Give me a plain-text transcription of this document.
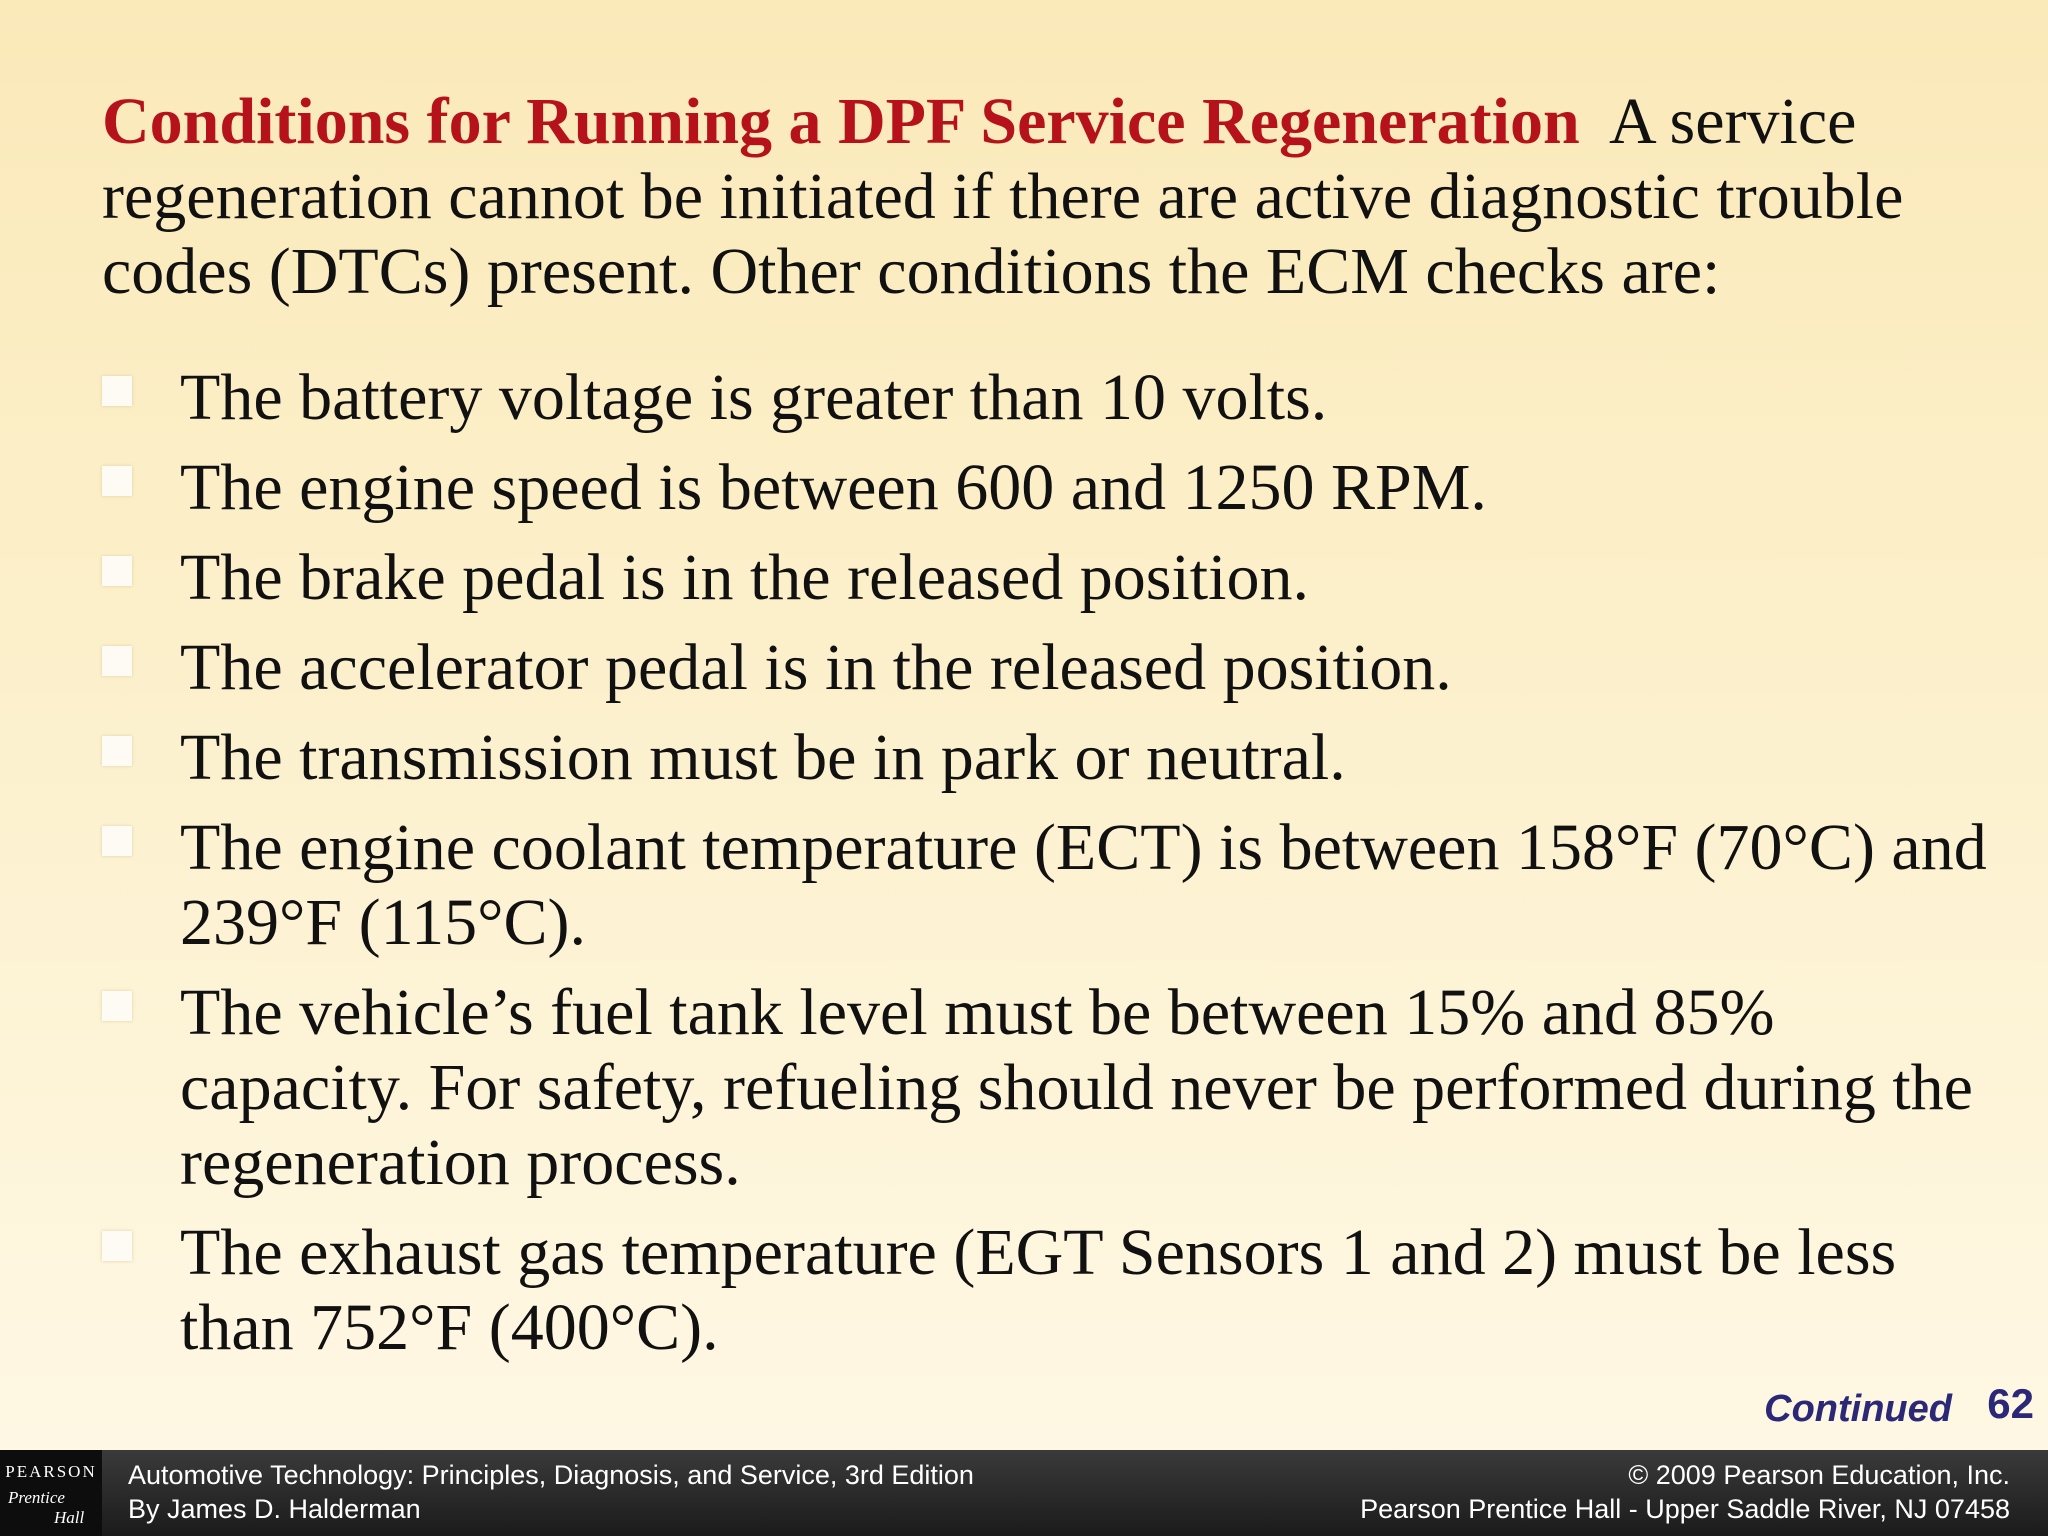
Conditions for Running a DPF Service Regeneration A service regeneration cannot be initiated if there are active diagnostic trouble codes (DTCs) present. Other conditions the ECM checks are:
The battery voltage is greater than 10 volts.
The engine speed is between 600 and 1250 RPM.
The brake pedal is in the released position.
The accelerator pedal is in the released position.
The transmission must be in park or neutral.
The engine coolant temperature (ECT) is between 158°F (70°C) and 239°F (115°C).
The vehicle’s fuel tank level must be between 15% and 85% capacity. For safety, refueling should never be performed during the regeneration process.
The exhaust gas temperature (EGT Sensors 1 and 2) must be less than 752°F (400°C).
Continued 62
PEARSON
Prentice
Hall
Automotive Technology: Principles, Diagnosis, and Service, 3rd Edition
By James D. Halderman
© 2009 Pearson Education, Inc.
Pearson Prentice Hall - Upper Saddle River, NJ 07458
